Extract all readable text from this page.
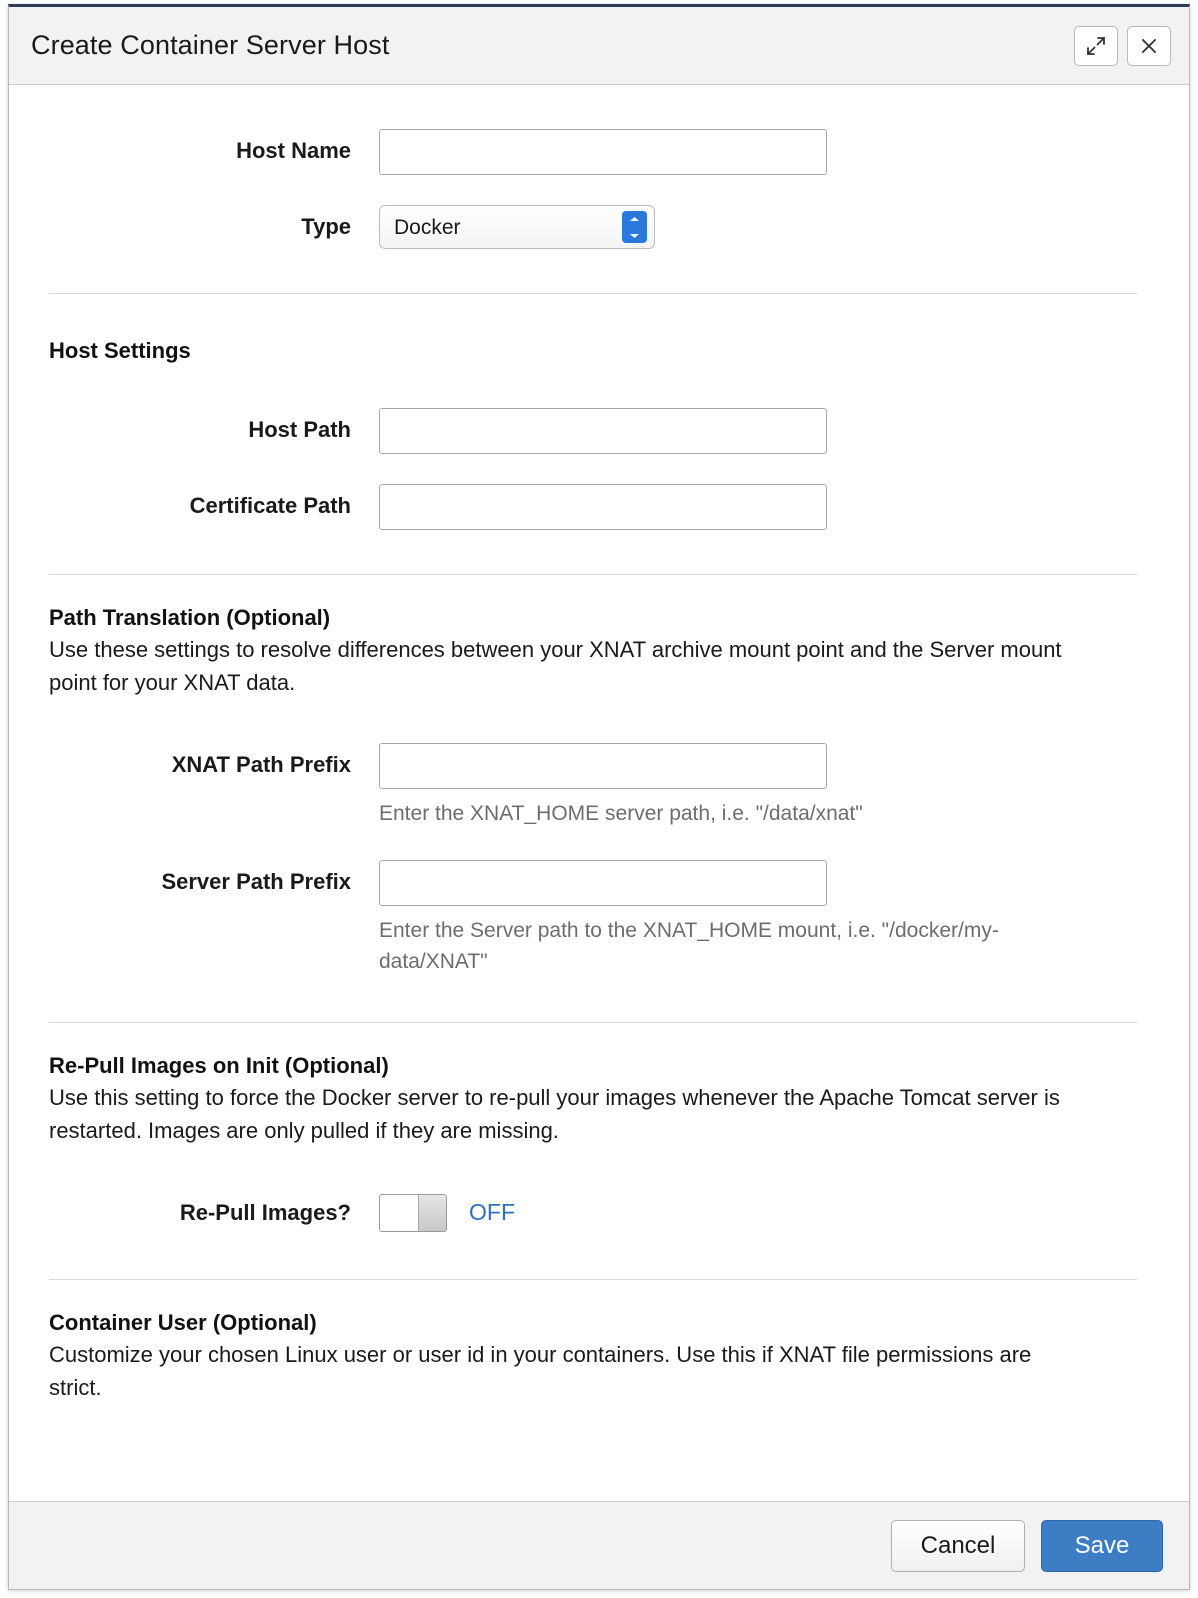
Create Container Server Host
Host Name
Type
Docker
Host Settings
Host Path
Certificate Path
Path Translation (Optional)
Use these settings to resolve differences between your XNAT archive mount point and the Server mount point for your XNAT data.
XNAT Path Prefix
Enter the XNAT_HOME server path, i.e. "/data/xnat"
Server Path Prefix
Enter the Server path to the XNAT_HOME mount, i.e. "/docker/my-data/XNAT"
Re-Pull Images on Init (Optional)
Use this setting to force the Docker server to re-pull your images whenever the Apache Tomcat server is restarted. Images are only pulled if they are missing.
Re-Pull Images?	OFF
Container User (Optional)
Customize your chosen Linux user or user id in your containers. Use this if XNAT file permissions are strict.
Cancel	Save
